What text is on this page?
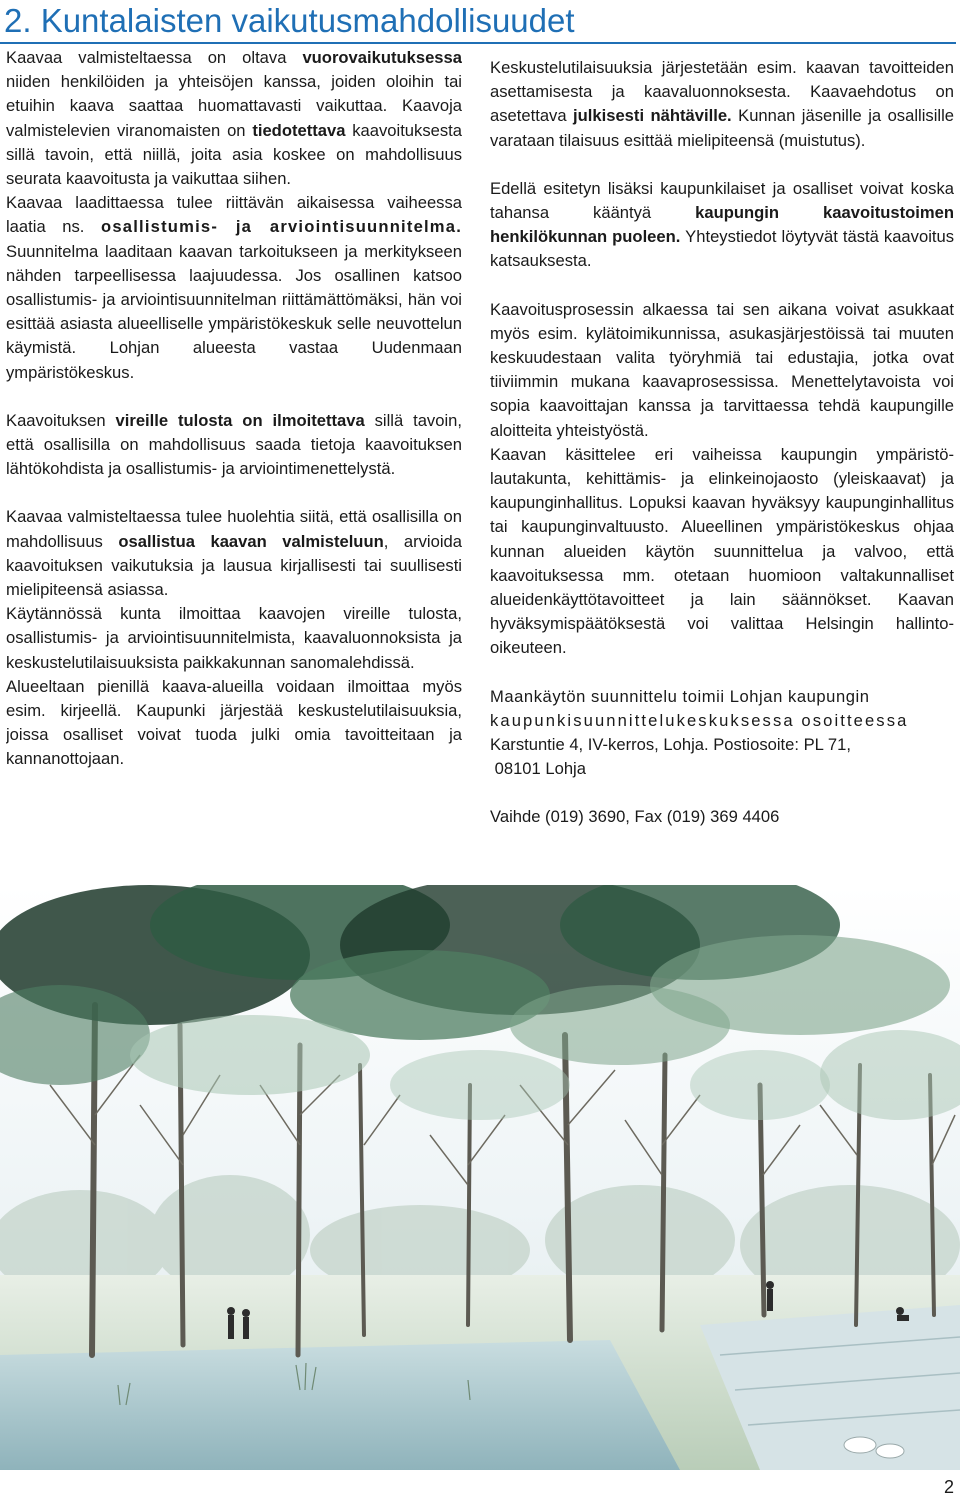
2. Kuntalaisten vaikutusmahdollisuudet

Kaavaa valmisteltaessa on oltava vuorovaikutuksessa niiden henkilöiden ja yhteisöjen kanssa, joiden oloihin tai etuihin kaava saattaa huomattavasti vaikuttaa. Kaavoja valmistelevien viranomaisten on tiedotettava kaavoituksesta sillä tavoin, että niillä, joita asia koskee on mahdollisuus seurata kaavoitusta ja vaikuttaa siihen.

Kaavaa laadittaessa tulee riittävän aikaisessa vaiheessa laatia ns. osallistumis- ja arviointisuunnitelma. Suunnitelma laaditaan kaavan tarkoitukseen ja merkitykseen nähden tarpeellisessa laajuudessa. Jos osallinen katsoo osallistumis- ja arviointisuunnitelman riittämättömäksi, hän voi esittää asiasta alueelliselle ympäristökeskuk selle neuvottelun käymistä. Lohjan alueesta vastaa Uudenmaan ympäristökeskus.

Kaavoituksen vireille tulosta on ilmoitettava sillä tavoin, että osallisilla on mahdollisuus saada tietoja kaavoituksen lähtökohdista ja osallistumis- ja arviointimenettelystä.

Kaavaa valmisteltaessa tulee huolehtia siitä, että osallisilla on mahdollisuus osallistua kaavan valmisteluun, arvioida kaavoituksen vaikutuksia ja lausua kirjallisesti tai suullisesti mielipiteensä asiassa.

Käytännössä kunta ilmoittaa kaavojen vireille tulosta, osallistumis- ja arviointisuunnitelmista, kaavaluonnoksista ja keskustelutilaisuuksista paikkakunnan sanomalehdissä.

Alueeltaan pienillä kaava-alueilla voidaan ilmoittaa myös esim. kirjeellä. Kaupunki järjestää keskustelutilaisuuksia, joissa osalliset voivat tuoda julki omia tavoitteitaan ja kannanottojaan.

Keskustelutilaisuuksia järjestetään esim. kaavan tavoitteiden asettamisesta ja kaavaluonnoksesta. Kaavaehdotus on asetettava julkisesti nähtäville. Kunnan jäsenille ja osallisille varataan tilaisuus esittää mielipiteensä (muistutus).

Edellä esitetyn lisäksi kaupunkilaiset ja osalliset voivat koska tahansa kääntyä kaupungin kaavoitustoimen henkilökunnan puoleen. Yhteystiedot löytyvät tästä kaavoitus katsauksesta.

Kaavoitusprosessin alkaessa tai sen aikana voivat asukkaat myös esim. kylätoimikunnissa, asukasjärjestöissä tai muuten keskuudestaan valita työryhmiä tai edustajia, jotka ovat tiiviimmin mukana kaavaprosessissa. Menettelytavoista voi sopia kaavoittajan kanssa ja tarvittaessa tehdä kaupungille aloitteita yhteistyöstä.

Kaavan käsittelee eri vaiheissa kaupungin ympäristölautakunta, kehittämis- ja elinkeinojaosto (yleiskaavat) ja kaupunginhallitus. Lopuksi kaavan hyväksyy kaupunginhallitus tai kaupunginvaltuusto. Alueellinen ympäristökeskus ohjaa kunnan alueiden käytön suunnittelua ja valvoo, että kaavoituksessa mm. otetaan huomioon valtakunnalliset alueidenkäyttötavoitteet ja lain säännökset. Kaavan hyväksymispäätöksestä voi valittaa Helsingin hallinto-oikeuteen.

Maankäytön suunnittelu toimii Lohjan kaupungin

kaupunkisuunnittelukeskuksessa osoitteessa

Karstuntie 4, IV-kerros, Lohja. Postiosoite: PL 71,

08101 Lohja

Vaihde (019) 3690, Fax (019) 369 4406

2
